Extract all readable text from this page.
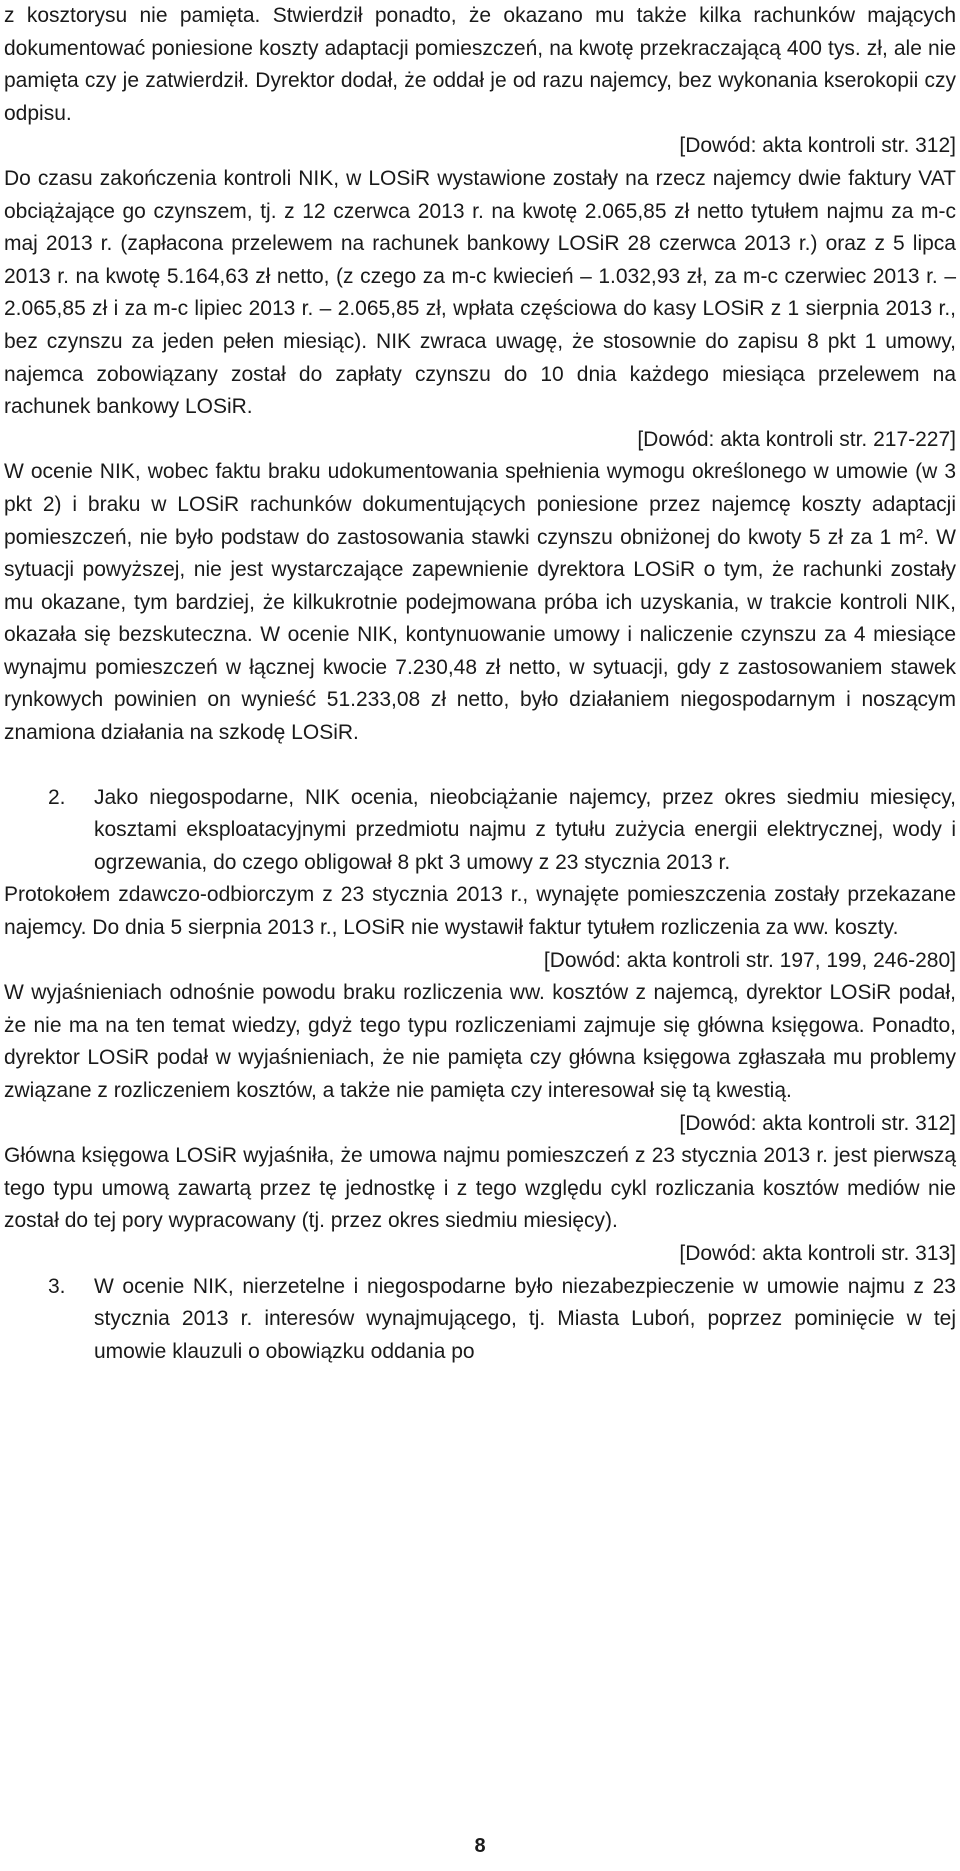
z kosztorysu nie pamięta. Stwierdził ponadto, że okazano mu także kilka rachunków mających dokumentować poniesione koszty adaptacji pomieszczeń, na kwotę przekraczającą 400 tys. zł, ale nie pamięta czy je zatwierdził. Dyrektor dodał, że oddał je od razu najemcy, bez wykonania kserokopii czy odpisu.

[Dowód: akta kontroli str. 312]

Do czasu zakończenia kontroli NIK, w LOSiR wystawione zostały na rzecz najemcy dwie faktury VAT obciążające go czynszem, tj. z 12 czerwca 2013 r. na kwotę 2.065,85 zł netto tytułem najmu za m-c maj 2013 r. (zapłacona przelewem na rachunek bankowy LOSiR 28 czerwca 2013 r.) oraz z 5 lipca 2013 r. na kwotę 5.164,63 zł netto, (z czego za m-c kwiecień – 1.032,93 zł, za m-c czerwiec 2013 r. – 2.065,85 zł i za m-c lipiec 2013 r. – 2.065,85 zł, wpłata częściowa do kasy LOSiR z 1 sierpnia 2013 r., bez czynszu za jeden pełen miesiąc). NIK zwraca uwagę, że stosownie do zapisu 8 pkt 1 umowy, najemca zobowiązany został do zapłaty czynszu do 10 dnia każdego miesiąca przelewem na rachunek bankowy LOSiR.

[Dowód: akta kontroli str. 217-227]

W ocenie NIK, wobec faktu braku udokumentowania spełnienia wymogu określonego w umowie (w 3 pkt 2) i braku w LOSiR rachunków dokumentujących poniesione przez najemcę koszty adaptacji pomieszczeń, nie było podstaw do zastosowania stawki czynszu obniżonej do kwoty 5 zł za 1 m². W sytuacji powyższej, nie jest wystarczające zapewnienie dyrektora LOSiR o tym, że rachunki zostały mu okazane, tym bardziej, że kilkukrotnie podejmowana próba ich uzyskania, w trakcie kontroli NIK, okazała się bezskuteczna. W ocenie NIK, kontynuowanie umowy i naliczenie czynszu za 4 miesiące wynajmu pomieszczeń w łącznej kwocie 7.230,48 zł netto, w sytuacji, gdy z zastosowaniem stawek rynkowych powinien on wynieść 51.233,08 zł netto, było działaniem niegospodarnym i noszącym znamiona działania na szkodę LOSiR.

2. Jako niegospodarne, NIK ocenia, nieobciążanie najemcy, przez okres siedmiu miesięcy, kosztami eksploatacyjnymi przedmiotu najmu z tytułu zużycia energii elektrycznej, wody i ogrzewania, do czego obligował 8 pkt 3 umowy z 23 stycznia 2013 r.

Protokołem zdawczo-odbiorczym z 23 stycznia 2013 r., wynajęte pomieszczenia zostały przekazane najemcy. Do dnia 5 sierpnia 2013 r., LOSiR nie wystawił faktur tytułem rozliczenia za ww. koszty.

[Dowód: akta kontroli str. 197, 199, 246-280]

W wyjaśnieniach odnośnie powodu braku rozliczenia ww. kosztów z najemcą, dyrektor LOSiR podał, że nie ma na ten temat wiedzy, gdyż tego typu rozliczeniami zajmuje się główna księgowa. Ponadto, dyrektor LOSiR podał w wyjaśnieniach, że nie pamięta czy główna księgowa zgłaszała mu problemy związane z rozliczeniem kosztów, a także nie pamięta czy interesował się tą kwestią.

[Dowód: akta kontroli str. 312]

Główna księgowa LOSiR wyjaśniła, że umowa najmu pomieszczeń z 23 stycznia 2013 r. jest pierwszą tego typu umową zawartą przez tę jednostkę i z tego względu cykl rozliczania kosztów mediów nie został do tej pory wypracowany (tj. przez okres siedmiu miesięcy).

[Dowód: akta kontroli str. 313]

3. W ocenie NIK, nierzetelne i niegospodarne było niezabezpieczenie w umowie najmu z 23 stycznia 2013 r. interesów wynajmującego, tj. Miasta Luboń, poprzez pominięcie w tej umowie klauzuli o obowiązku oddania po
8
